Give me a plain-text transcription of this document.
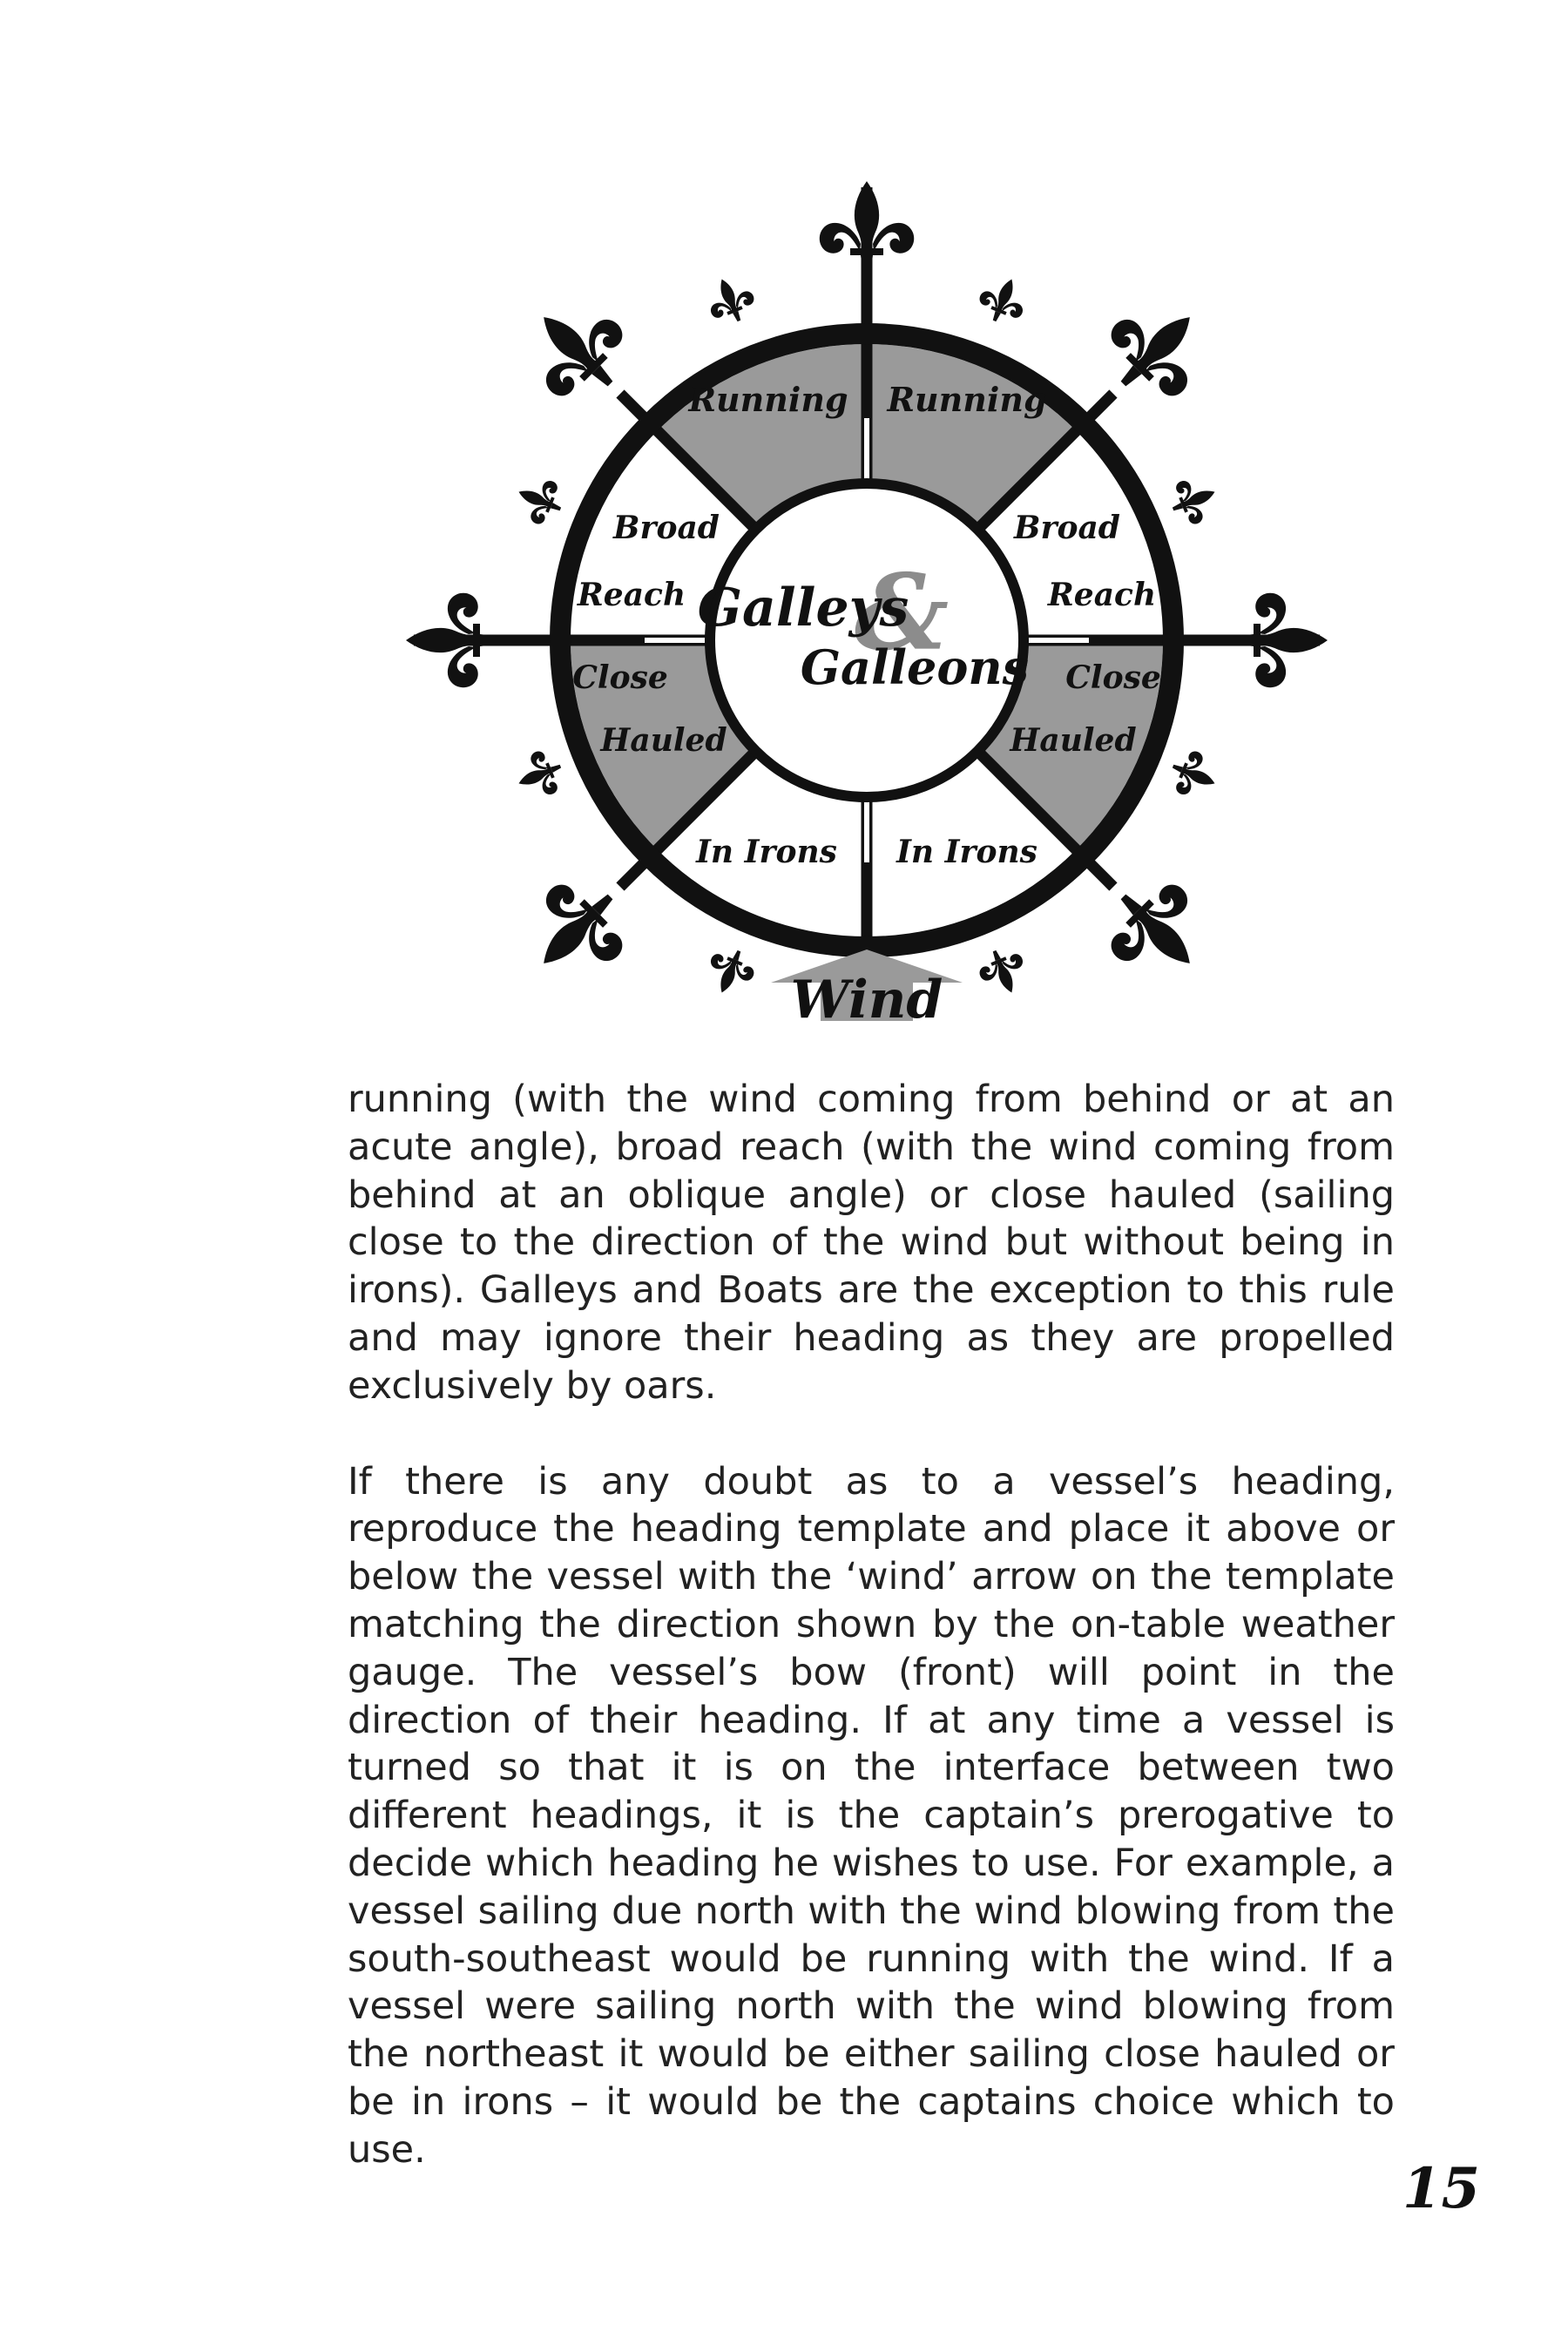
Wind
Running Running
Broad
Reach
Broad
Reach
Close
Hauled
Close
Hauled
In Irons In Irons
&
Galleys
Galleons

running (with the wind coming from behind or at an acute angle), broad reach (with the wind coming from behind at an oblique angle) or close hauled (sailing close to the direction of the wind but without being in irons). Galleys and Boats are the exception to this rule and may ignore their heading as they are propelled exclusively by oars.

If there is any doubt as to a vessel’s heading, reproduce the heading template and place it above or below the vessel with the ‘wind’ arrow on the template matching the direction shown by the on-table weather gauge. The vessel’s bow (front) will point in the direction of their heading. If at any time a vessel is turned so that it is on the interface between two different headings, it is the captain’s prerogative to decide which heading he wishes to use. For example, a vessel sailing due north with the wind blowing from the south-southeast would be running with the wind. If a vessel were sailing north with the wind blowing from the northeast it would be either sailing close hauled or be in irons – it would be the captains choice which to use.

15
